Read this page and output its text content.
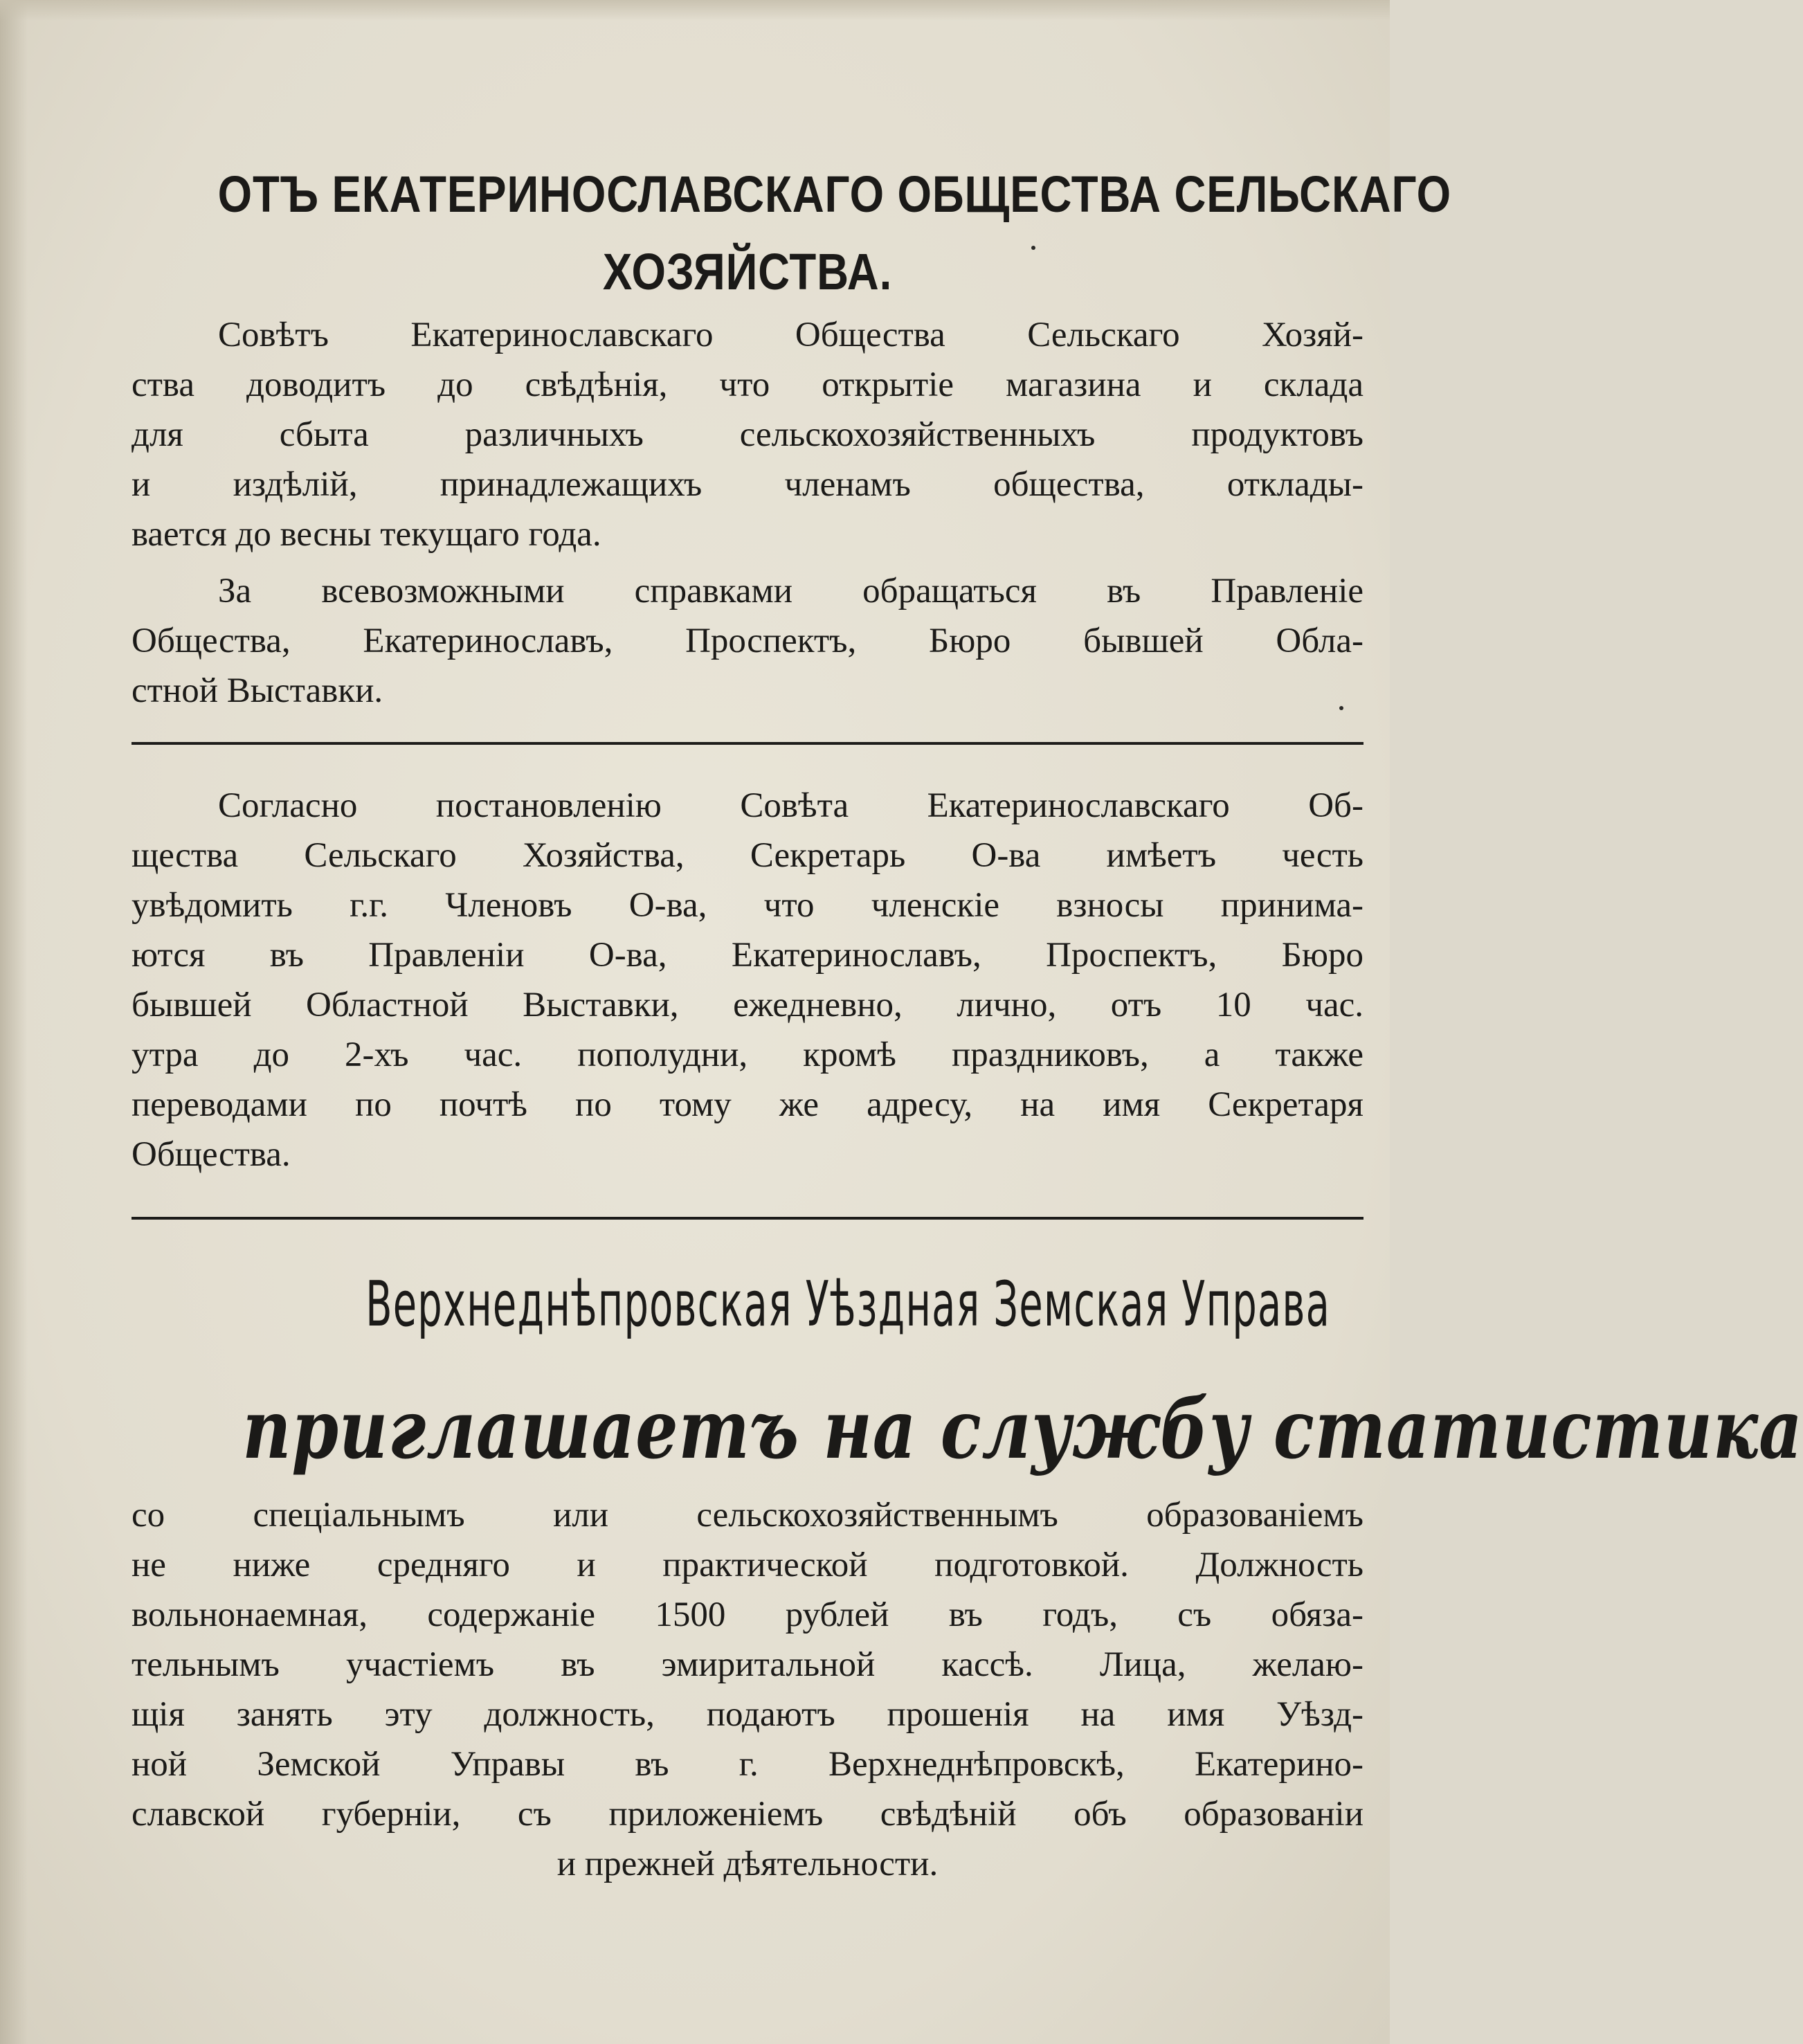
ОТЪ ЕКАТЕРИНОСЛАВСКАГО ОБЩЕСТВА СЕЛЬСКАГО
ХОЗЯЙСТВА.
Совѣтъ Екатеринославскаго Общества Сельскаго Хозяй-
ства доводитъ до свѣдѣнія, что открытіе магазина и склада
для сбыта различныхъ сельскохозяйственныхъ продуктовъ
и издѣлій, принадлежащихъ членамъ общества, отклады-
вается до весны текущаго года.
За всевозможными справками обращаться въ Правленіе
Общества, Екатеринославъ, Проспектъ, Бюро бывшей Обла-
стной Выставки.
Согласно постановленію Совѣта Екатеринославскаго Об-
щества Сельскаго Хозяйства, Секретарь О-ва имѣетъ честь
увѣдомить г.г. Членовъ О-ва, что членскіе взносы принима-
ются въ Правленіи О-ва, Екатеринославъ, Проспектъ, Бюро
бывшей Областной Выставки, ежедневно, лично, отъ 10 час.
утра до 2-хъ час. пополудни, кромѣ праздниковъ, а также
переводами по почтѣ по тому же адресу, на имя Секретаря
Общества.
Верхнеднѣпровская Уѣздная Земская Управа
приглашаетъ на службу статистика
со спеціальнымъ или сельскохозяйственнымъ образованіемъ
не ниже средняго и практической подготовкой. Должность
вольнонаемная, содержаніе 1500 рублей въ годъ, съ обяза-
тельнымъ участіемъ въ эмиритальной кассѣ. Лица, желаю-
щія занять эту должность, подаютъ прошенія на имя Уѣзд-
ной Земской Управы въ г. Верхнеднѣпровскѣ, Екатерино-
славской губерніи, съ приложеніемъ свѣдѣній объ образованіи
и прежней дѣятельности.
